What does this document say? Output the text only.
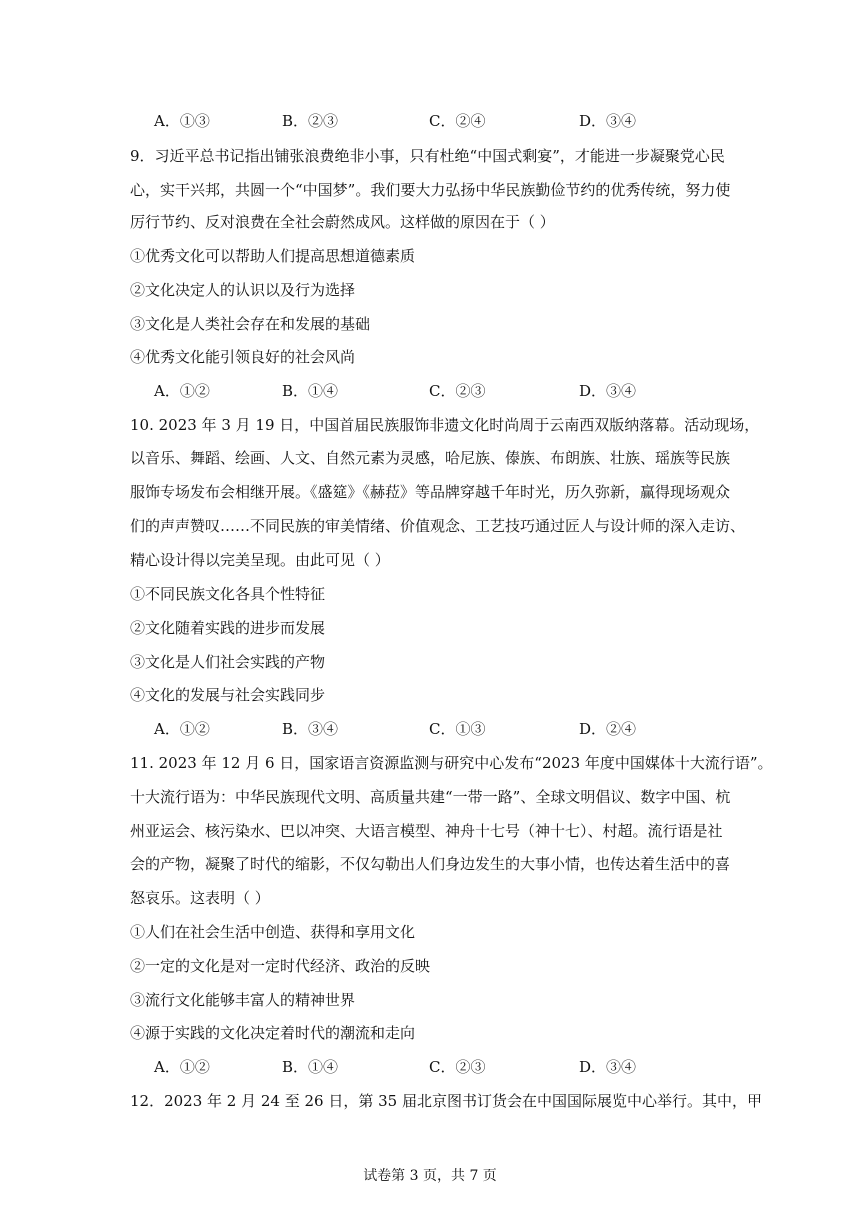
A．①③	B．②③	C．②④	D．③④
9．习近平总书记指出铺张浪费绝非小事，只有杜绝“中国式剩宴”，才能进一步凝聚党心民
心，实干兴邦，共圆一个“中国梦”。我们要大力弘扬中华民族勤俭节约的优秀传统，努力使
厉行节约、反对浪费在全社会蔚然成风。这样做的原因在于（ ）
①优秀文化可以帮助人们提高思想道德素质
②文化决定人的认识以及行为选择
③文化是人类社会存在和发展的基础
④优秀文化能引领良好的社会风尚
A．①②	B．①④	C．②③	D．③④
10. 2023 年 3 月 19 日，中国首届民族服饰非遗文化时尚周于云南西双版纳落幕。活动现场，
以音乐、舞蹈、绘画、人文、自然元素为灵感，哈尼族、傣族、布朗族、壮族、瑶族等民族
服饰专场发布会相继开展。《盛筵》《赫菈》等品牌穿越千年时光，历久弥新，赢得现场观众
们的声声赞叹……不同民族的审美情绪、价值观念、工艺技巧通过匠人与设计师的深入走访、
精心设计得以完美呈现。由此可见（ ）
①不同民族文化各具个性特征
②文化随着实践的进步而发展
③文化是人们社会实践的产物
④文化的发展与社会实践同步
A．①②	B．③④	C．①③	D．②④
11. 2023 年 12 月 6 日，国家语言资源监测与研究中心发布“2023 年度中国媒体十大流行语”。
十大流行语为：中华民族现代文明、高质量共建“一带一路”、全球文明倡议、数字中国、杭
州亚运会、核污染水、巴以冲突、大语言模型、神舟十七号（神十七）、村超。流行语是社
会的产物，凝聚了时代的缩影，不仅勾勒出人们身边发生的大事小情，也传达着生活中的喜
怒哀乐。这表明（ ）
①人们在社会生活中创造、获得和享用文化
②一定的文化是对一定时代经济、政治的反映
③流行文化能够丰富人的精神世界
④源于实践的文化决定着时代的潮流和走向
A．①②	B．①④	C．②③	D．③④
12．2023 年 2 月 24 至 26 日，第 35 届北京图书订货会在中国国际展览中心举行。其中，甲
试卷第 3 页，共 7 页
